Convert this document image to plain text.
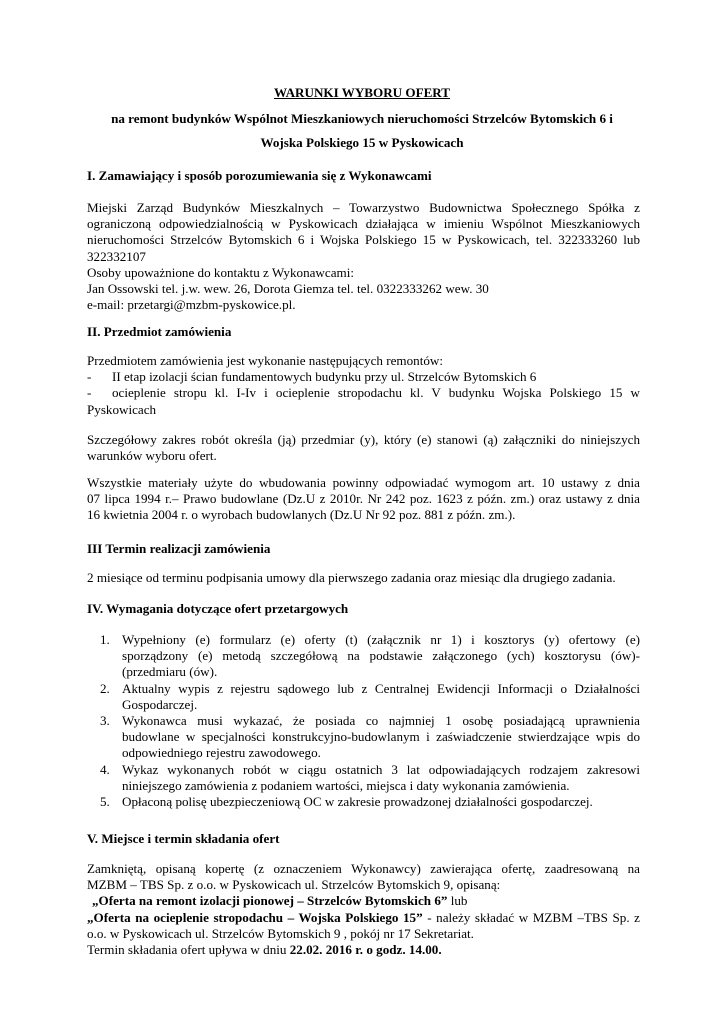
WARUNKI WYBORU OFERT
na remont budynków Wspólnot Mieszkaniowych nieruchomości Strzelców Bytomskich 6 i
Wojska Polskiego 15 w Pyskowicach
I. Zamawiający i sposób porozumiewania się z Wykonawcami

Miejski Zarząd Budynków Mieszkalnych – Towarzystwo Budownictwa Społecznego Spółka z

ograniczoną odpowiedzialnością w Pyskowicach działająca w imieniu Wspólnot Mieszkaniowych

nieruchomości Strzelców Bytomskich 6 i Wojska Polskiego 15 w Pyskowicach, tel. 322333260 lub

322332107

Osoby upoważnione do kontaktu z Wykonawcami:

Jan Ossowski tel. j.w. wew. 26, Dorota Giemza tel. tel. 0322333262 wew. 30

e-mail: przetargi@mzbm-pyskowice.pl.

II. Przedmiot zamówienia

Przedmiotem zamówienia jest wykonanie następujących remontów:

-	II etap izolacji ścian fundamentowych budynku przy ul. Strzelców Bytomskich 6
-	ocieplenie stropu kl. I-Iv i ocieplenie stropodachu kl. V budynku Wojska Polskiego 15 w

Pyskowicach

Szczegółowy zakres robót określa (ją) przedmiar (y), który (e) stanowi (ą) załączniki do niniejszych

warunków wyboru ofert.

Wszystkie materiały użyte do wbudowania powinny odpowiadać wymogom art. 10 ustawy z dnia

07 lipca 1994 r.– Prawo budowlane (Dz.U z 2010r. Nr 242 poz. 1623 z późn. zm.) oraz ustawy z dnia

16 kwietnia 2004 r. o wyrobach budowlanych (Dz.U Nr 92 poz. 881 z późn. zm.).

III Termin realizacji zamówienia

2 miesiące od terminu podpisania umowy dla pierwszego zadania oraz miesiąc dla drugiego zadania.

IV. Wymagania dotyczące ofert przetargowych
1. Wypełniony (e) formularz (e) oferty (t) (załącznik nr 1) i kosztorys (y) ofertowy (e)

sporządzony (e) metodą szczegółową na podstawie załączonego (ych) kosztorysu (ów)-

(przedmiaru (ów).

2. Aktualny wypis z rejestru sądowego lub z Centralnej Ewidencji Informacji o Działalności

Gospodarczej.

3. Wykonawca musi wykazać, że posiada co najmniej 1 osobę posiadającą uprawnienia

budowlane w specjalności konstrukcyjno-budowlanym i zaświadczenie stwierdzające wpis do

odpowiedniego rejestru zawodowego.

4. Wykaz wykonanych robót w ciągu ostatnich 3 lat odpowiadających rodzajem zakresowi

niniejszego zamówienia z podaniem wartości, miejsca i daty wykonania zamówienia.

5. Opłaconą polisę ubezpieczeniową OC w zakresie prowadzonej działalności gospodarczej.

V. Miejsce i termin składania ofert

Zamkniętą, opisaną kopertę (z oznaczeniem Wykonawcy) zawierająca ofertę, zaadresowaną na

MZBM – TBS Sp. z o.o. w Pyskowicach ul. Strzelców Bytomskich 9, opisaną:

„Oferta na remont izolacji pionowej – Strzelców Bytomskich 6” lub

„Oferta na ocieplenie stropodachu – Wojska Polskiego 15” - należy składać w MZBM –TBS Sp. z

o.o. w Pyskowicach ul. Strzelców Bytomskich 9 , pokój nr 17 Sekretariat.

Termin składania ofert upływa w dniu 22.02. 2016 r. o godz. 14.00.
